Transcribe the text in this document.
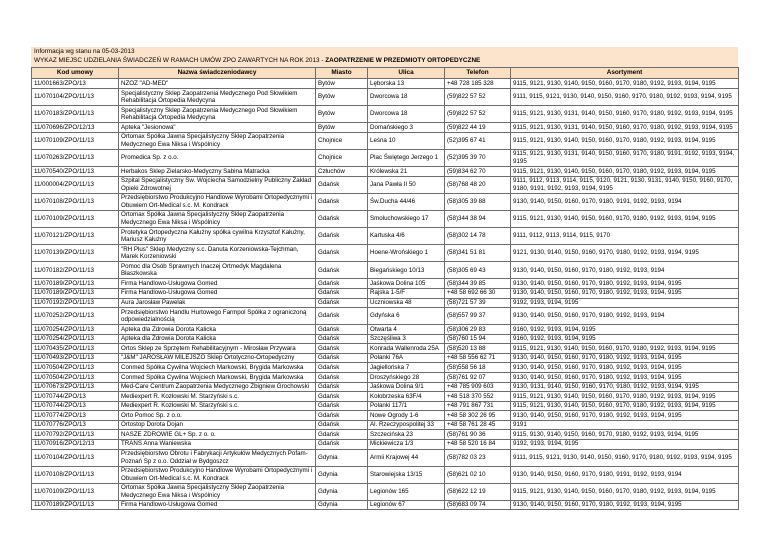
Informacja wg stanu na 05-03-2013
WYKAZ MIEJSC UDZIELANIA ŚWIADCZEŃ W RAMACH UMÓW ZPO ZAWARTYCH NA ROK 2013 - ZAOPATRZENIE W PRZEDMIOTY ORTOPEDYCZNE
Kod umowy	Nazwa świadczeniodawcy	Miasto	Ulica	Telefon	Asortyment
11/001663/ZPO/13	NZOZ "AD-MED"	Bytów	Lęborska 13	+48 728 185 328	9115, 9121, 9130, 9140, 9150, 9160, 9170, 9180, 9192, 9193, 9194, 9195
11/070104/ZPO/11/13	Specjalistyczny Sklep Zaopatrzenia Medycznego Pod Słowikiem Rehabilitacja Ortopedia Medycyna	Bytów	Dworcowa 18	(59)822 57 52	9111, 9115, 9121, 9130, 9140, 9150, 9160, 9170, 9180, 9192, 9193, 9194, 9195
11/070183/ZPO/11/13	Specjalistyczny Sklep Zaopatrzenia Medycznego Pod Słowikiem Rehabilitacja Ortopedia Medycyna	Bytów	Dworcowa 18	(59)822 57 52	9115, 9121, 9130, 9131, 9140, 9150, 9160, 9170, 9180, 9192, 9193, 9194, 9195
11/070696/ZPO/12/13	Apteka "Jesionowa"	Bytów	Domańskiego 3	(59)822 44 19	9115, 9121, 9130, 9131, 9140, 9150, 9160, 9170, 9180, 9192, 9193, 9194, 9195
11/070109/ZPO/11/13	Ortomax Spółka Jawna Specjalistyczny Sklep Zaopatrzenia Medycznego Ewa Niksa i Wspólnicy	Chojnice	Leśna 10	(52)395 67 41	9115, 9121, 9130, 9140, 9150, 9160, 9170, 9180, 9192, 9193, 9194, 9195
11/070263/ZPO/11/13	Promedica Sp. z o.o.	Chojnice	Plac Świętego Jerzego 1	(52)395 39 70	9115, 9121, 9130, 9131, 9140, 9150, 9160, 9170, 9180, 9191, 9192, 9193, 9194, 9195
11/070540/ZPO/11/13	Herbakos Sklep Zielarsko-Medyczny Sabina Matracka	Człuchów	Królewska 21	(59)834 62 70	9115, 9121, 9130, 9140, 9150, 9160, 9170, 9180, 9192, 9193, 9194, 9195
11/000004/ZPO/11/13	Szpital Specjalistyczny Św. Wojciecha Samodzielny Publiczny Zakład Opieki Zdrowotnej	Gdańsk	Jana Pawła II 50	(58)768 48 20	9111, 9112, 9113, 9114, 9115, 9120, 9121, 9130, 9131, 9140, 9150, 9160, 9170, 9180, 9191, 9192, 9193, 9194, 9195
11/070108/ZPO/11/13	Przedsiębiorstwo Produkcyjno Handlowe Wyrobami Ortopedycznymi i Obuwiem Ort-Medical s.c. M. Kondrack	Gdańsk	Św.Ducha 44/46	(58)305 39 88	9130, 9140, 9150, 9160, 9170, 9180, 9191, 9192, 9193, 9194
11/070109/ZPO/11/13	Ortomax Spółka Jawna Specjalistyczny Sklep Zaopatrzenia Medycznego Ewa Niksa i Wspólnicy	Gdańsk	Smoluchowskiego 17	(58)344 38 94	9115, 9121, 9130, 9140, 9150, 9160, 9170, 9180, 9192, 9193, 9194, 9195
11/070121/ZPO/11/13	Protetyka Ortopedyczna Kałużny spółka cywilna Krzysztof Kałużny, Mariusz Kałużny	Gdańsk	Kartuska 4/6	(58)302 14 78	9111, 9112, 9113, 9114, 9115, 9170
11/070139/ZPO/11/13	"RH Plus" Sklep Medyczny s.c. Danuta Korzeniowska-Tejchman, Marek Korzeniowski	Gdańsk	Hoene-Wrońskiego 1	(58)341 51 81	9121, 9130, 9140, 9150, 9160, 9170, 9180, 9192, 9193, 9194, 9195
11/070182/ZPO/11/13	Pomoc dla Osób Sprawnych Inaczej Ortmedyk Magdalena Błaszkowska	Gdańsk	Biegańskiego 10/13	(58)305 69 43	9130, 9140, 9150, 9160, 9170, 9180, 9192, 9193, 9194
11/070189/ZPO/11/13	Firma Handlowo-Usługowa Gomed	Gdańsk	Jaśkowa Dolina 105	(58)344 39 85	9130, 9140, 9150, 9160, 9170, 9180, 9192, 9193, 9194, 9195
11/070189/ZPO/11/13	Firma Handlowo-Usługowa Gomed	Gdańsk	Rajska 1-5/F	+48 58 692 66 30	9130, 9140, 9150, 9160, 9170, 9180, 9192, 9193, 9194, 9195
11/070192/ZPO/11/13	Aura Jarosław Pawelak	Gdańsk	Uczniowska 48	(58)721 57 39	9192, 9193, 9194, 9195
11/070252/ZPO/11/13	Przedsiębiorstwo Handlu Hurtowego Farmpol Spółka z ograniczoną odpowiedzialnością	Gdańsk	Gdyńska 6	(58)557 99 37	9130, 9140, 9150, 9160, 9170, 9180, 9192, 9193, 9194
11/070254/ZPO/11/13	Apteka dla Zdrowia Dorota Kalicka	Gdańsk	Otwarta 4	(58)306 29 83	9160, 9192, 9193, 9194, 9195
11/070254/ZPO/11/13	Apteka dla Zdrowia Dorota Kalicka	Gdańsk	Szczęśliwa 3	(58)760 15 94	9160, 9192, 9193, 9194, 9195
11/070435/ZPO/11/13	Ortos Sklep ze Sprzętem Rehabilitacyjnym - Mirosław Przywara	Gdańsk	Konrada Wallenroda 25A	(58)520 13 88	9115, 9121, 9130, 9140, 9150, 9160, 9170, 9180, 9192, 9193, 9194, 9195
11/070493/ZPO/11/13	"J&M" JAROSŁAW MILEJSZO Sklep Ortotyczno-Ortopedyczny	Gdańsk	Polanki 76A	+48 58 556 62 71	9130, 9140, 9150, 9160, 9170, 9180, 9192, 9193, 9194, 9195
11/070504/ZPO/11/13	Conmed Spółka Cywilna Wojciech Markowski, Brygida Markowska	Gdańsk	Jagiellońska 7	(58)558 56 18	9130, 9140, 9150, 9160, 9170, 9180, 9192, 9193, 9194, 9195
11/070504/ZPO/11/13	Conmed Spółka Cywilna Wojciech Markowski, Brygida Markowska	Gdańsk	Droszyńskiego 28	(58)761 92 07	9130, 9140, 9150, 9160, 9170, 9180, 9192, 9193, 9194, 9195
11/070673/ZPO/11/13	Med-Care Centrum Zaopatrzenia Medycznego Zbigniew Grochowski	Gdańsk	Jaśkowa Dolina 9/1	+48 785 909 603	9130, 9131, 9140, 9150, 9160, 9170, 9180, 9192, 9193, 9194, 9195
11/070744/ZPO/13	Mediexpert R. Kozłowski M. Starzyński s.c.	Gdańsk	Kołobrzeska 63F/4	+48 518 370 552	9115, 9121, 9130, 9140, 9150, 9160, 9170, 9180, 9192, 9193, 9194, 9195
11/070744/ZPO/13	Mediexpert R. Kozłowski M. Starzyński s.c.	Gdańsk	Polanki 117/1	+48 791 867 731	9115, 9121, 9130, 9140, 9150, 9160, 9170, 9180, 9192, 9193, 9194, 9195
11/070774/ZPO/13	Orto Pomoc Sp. z o.o.	Gdańsk	Nowe Ogrody 1-6	+48 58 302 26 95	9130, 9140, 9150, 9160, 9170, 9180, 9192, 9193, 9194, 9195
11/070776/ZPO/13	Ortostop Dorota Dojan	Gdańsk	Al. Rzeczypospolitej 33	+48 58 761 28 45	9191
11/070792/ZPO/11/13	NASZE ZDROWIE GL+ Sp. z o. o.	Gdańsk	Szczecińska 23	(58)761 90 36	9115, 9130, 9140, 9150, 9160, 9170, 9180, 9192, 9193, 9194, 9195
11/070916/ZPO/12/13	TRANS Anna Waniewska	Gdańsk	Mickiewicza 1/3	+48 58 520 16 84	9192, 9193, 9194, 9195
11/070104/ZPO/11/13	Przedsiębiorstwo Obrotu i Fabrykacji Artykułów Medycznych Pofam-Poznań Sp z o.o. Oddział w Bydgoszcz	Gdynia	Armii Krajowej 44	(58)782 03 23	9111, 9115, 9121, 9130, 9140, 9150, 9160, 9170, 9180, 9192, 9193, 9194, 9195
11/070108/ZPO/11/13	Przedsiębiorstwo Produkcyjno Handlowe Wyrobami Ortopedycznymi i Obuwiem Ort-Medical s.c. M. Kondrack	Gdynia	Starowiejska 13/15	(58)621 02 10	9130, 9140, 9150, 9160, 9170, 9180, 9191, 9192, 9193, 9194
11/070109/ZPO/11/13	Ortomax Spółka Jawna Specjalistyczny Sklep Zaopatrzenia Medycznego Ewa Niksa i Wspólnicy	Gdynia	Legionów 165	(58)622 12 19	9115, 9121, 9130, 9140, 9150, 9160, 9170, 9180, 9192, 9193, 9194, 9195
11/070189/ZPO/11/13	Firma Handlowo-Usługowa Gomed	Gdynia	Legionów 67	(58)683 09 74	9130, 9140, 9150, 9160, 9170, 9180, 9192, 9193, 9194, 9195
